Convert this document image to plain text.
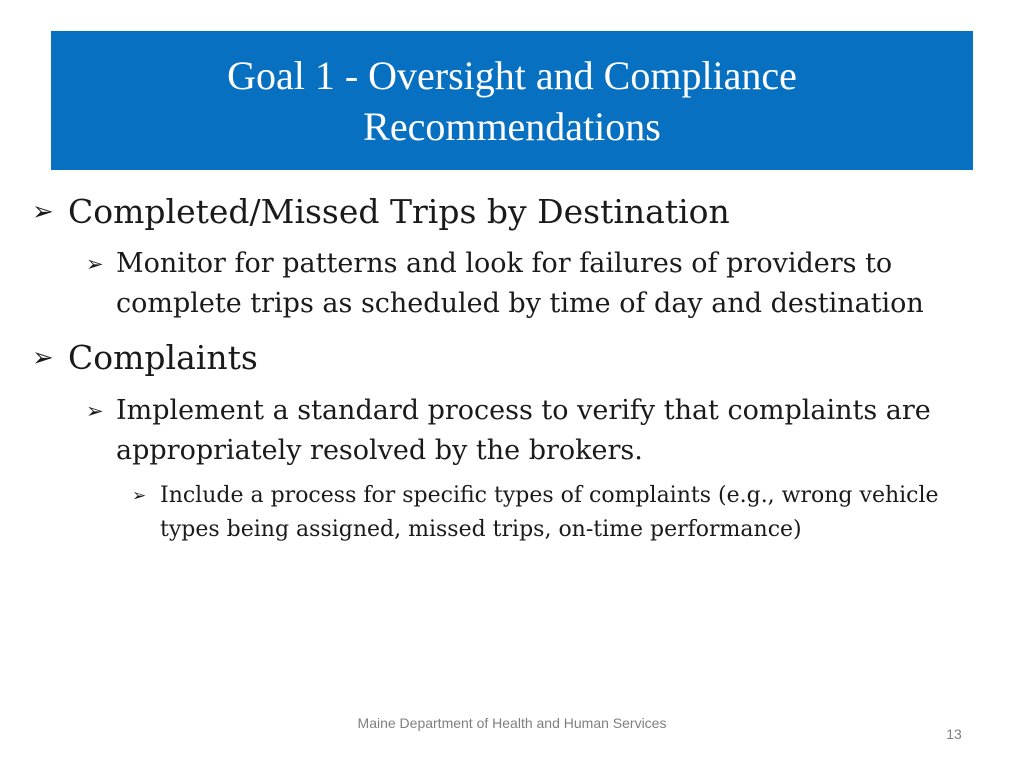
Goal 1 - Oversight and Compliance
Recommendations
➢ Completed/Missed Trips by Destination
➢ Monitor for patterns and look for failures of providers to complete trips as scheduled by time of day and destination
➢ Complaints
➢ Implement a standard process to verify that complaints are appropriately resolved by the brokers.
➢ Include a process for specific types of complaints (e.g., wrong vehicle types being assigned, missed trips, on-time performance)
Maine Department of Health and Human Services
13
